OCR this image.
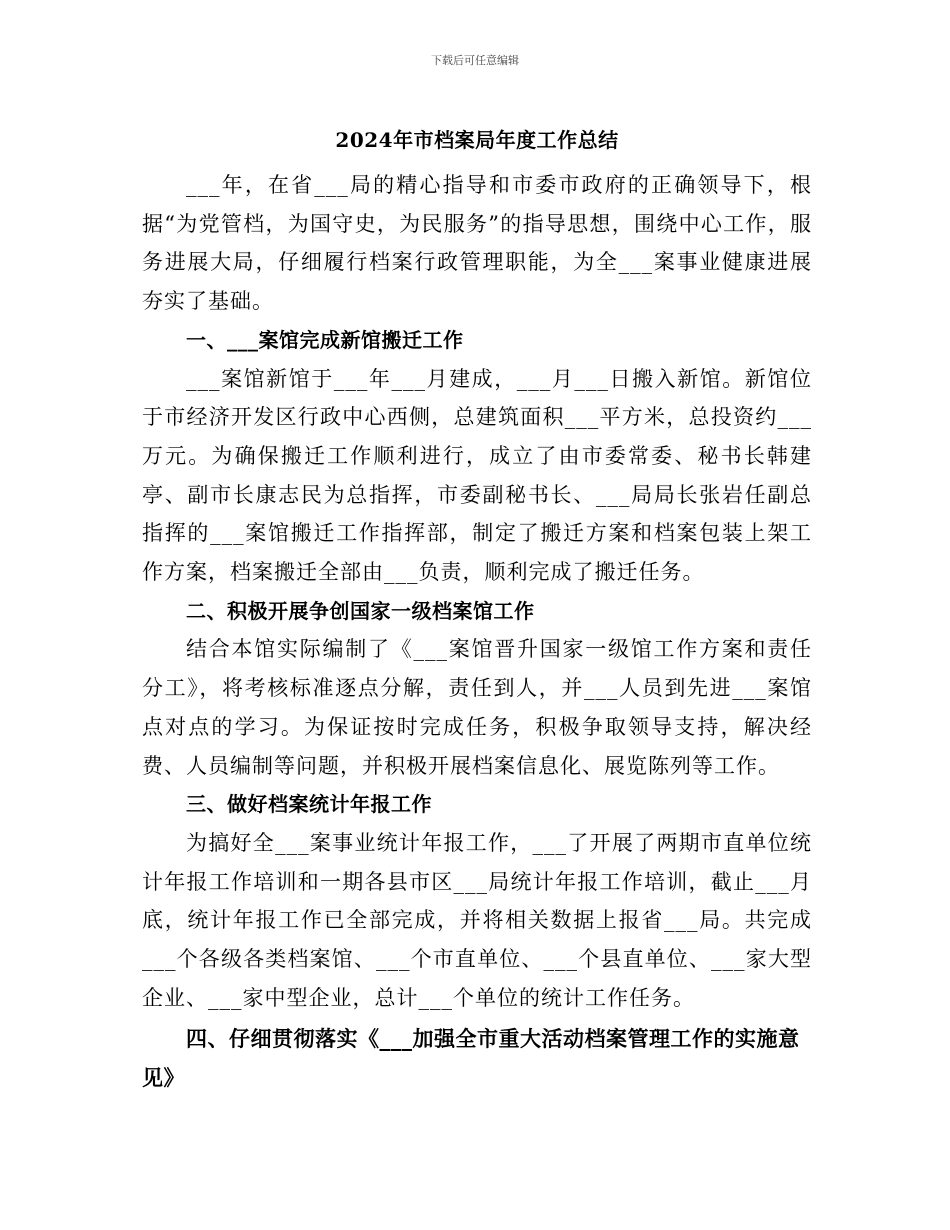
下载后可任意编辑
2024年市档案局年度工作总结

___年，在省___局的精心指导和市委市政府的正确领导下，根据“为党管档，为国守史，为民服务”的指导思想，围绕中心工作，服务进展大局，仔细履行档案行政管理职能，为全___案事业健康进展夯实了基础。

一、___案馆完成新馆搬迁工作

___案馆新馆于___年___月建成，___月___日搬入新馆。新馆位于市经济开发区行政中心西侧，总建筑面积___平方米，总投资约___万元。为确保搬迁工作顺利进行，成立了由市委常委、秘书长韩建亭、副市长康志民为总指挥，市委副秘书长、___局局长张岩任副总指挥的___案馆搬迁工作指挥部，制定了搬迁方案和档案包装上架工作方案，档案搬迁全部由___负责，顺利完成了搬迁任务。

二、积极开展争创国家一级档案馆工作

结合本馆实际编制了《___案馆晋升国家一级馆工作方案和责任分工》，将考核标准逐点分解，责任到人，并___人员到先进___案馆点对点的学习。为保证按时完成任务，积极争取领导支持，解决经费、人员编制等问题，并积极开展档案信息化、展览陈列等工作。

三、做好档案统计年报工作

为搞好全___案事业统计年报工作，___了开展了两期市直单位统计年报工作培训和一期各县市区___局统计年报工作培训，截止___月底，统计年报工作已全部完成，并将相关数据上报省___局。共完成___个各级各类档案馆、___个市直单位、___个县直单位、___家大型企业、___家中型企业，总计___个单位的统计工作任务。

四、仔细贯彻落实《___加强全市重大活动档案管理工作的实施意见》
